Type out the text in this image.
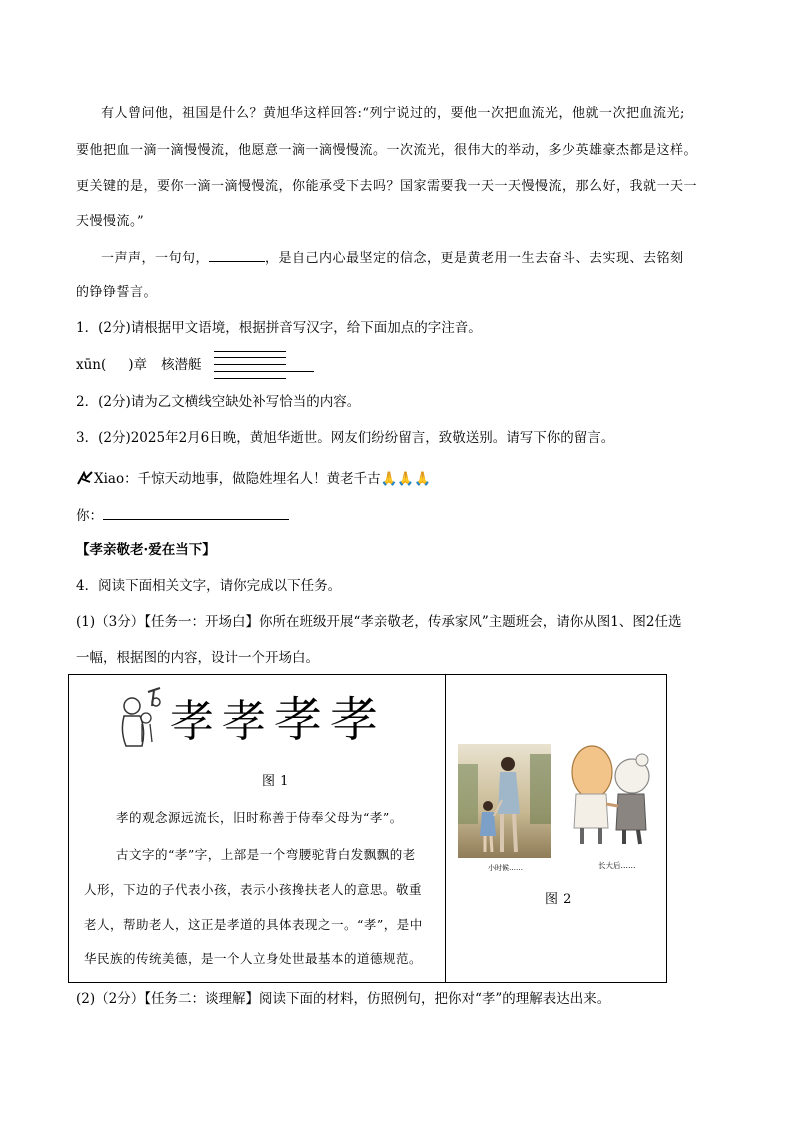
有人曾问他，祖国是什么？黄旭华这样回答:“列宁说过的，要他一次把血流光，他就一次把血流光;
要他把血一滴一滴慢慢流，他愿意一滴一滴慢慢流。一次流光，很伟大的举动，多少英雄豪杰都是这样。
更关键的是，要你一滴一滴慢慢流，你能承受下去吗？国家需要我一天一天慢慢流，那么好，我就一天一
天慢慢流。”
一声声，一句句，	，是自己内心最坚定的信念，更是黄老用一生去奋斗、去实现、去铭刻
的铮铮誓言。
1．(2分)请根据甲文语境，根据拼音写汉字，给下面加点的字注音。
xūn( )章 核潜艇
2．(2分)请为乙文横线空缺处补写恰当的内容。
3．(2分)2025年2月6日晚，黄旭华逝世。网友们纷纷留言，致敬送别。请写下你的留言。
Xiao：千惊天动地事，做隐姓埋名人！黄老千古🙏🙏🙏
你：
【孝亲敬老·爱在当下】
4．阅读下面相关文字，请你完成以下任务。
(1)（3分）【任务一：开场白】你所在班级开展“孝亲敬老，传承家风”主题班会，请你从图1、图2任选
一幅，根据图的内容，设计一个开场白。
孝 孝 孝 孝
图 1
孝的观念源远流长，旧时称善于侍奉父母为“孝”。
古文字的“孝”字，上部是一个弯腰驼背白发飘飘的老
人形，下边的子代表小孩，表示小孩搀扶老人的意思。敬重
老人，帮助老人，这正是孝道的具体表现之一。“孝”，是中
华民族的传统美德，是一个人立身处世最基本的道德规范。
小时候……	长大后……
图 2
(2)（2分）【任务二：谈理解】阅读下面的材料，仿照例句，把你对“孝”的理解表达出来。
